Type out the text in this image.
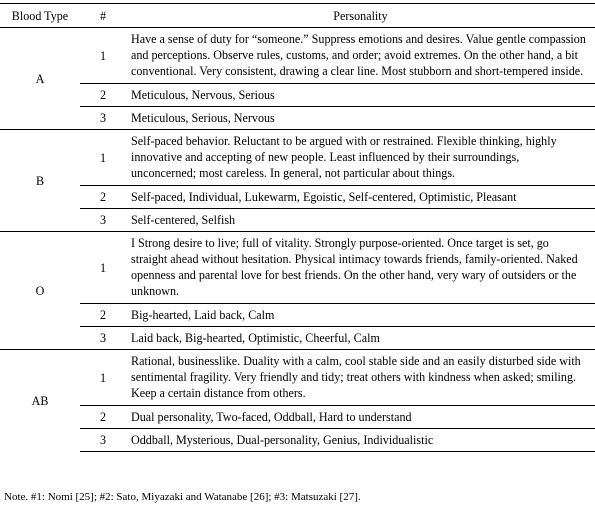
Blood Type	#	Personality
A	1	Have a sense of duty for “someone.” Suppress emotions and desires. Value gentle compassion and perceptions. Observe rules, customs, and order; avoid extremes. On the other hand, a bit conventional. Very consistent, drawing a clear line. Most stubborn and short-tempered inside.

	2	Meticulous, Nervous, Serious

	3	Meticulous, Serious, Nervous

B	1	Self-paced behavior. Reluctant to be argued with or restrained. Flexible thinking, highly innovative and accepting of new people. Least influenced by their surroundings, unconcerned; most careless. In general, not particular about things.

	2	Self-paced, Individual, Lukewarm, Egoistic, Self-centered, Optimistic, Pleasant

	3	Self-centered, Selfish

O	1	I Strong desire to live; full of vitality. Strongly purpose-oriented. Once target is set, go straight ahead without hesitation. Physical intimacy towards friends, family-oriented. Naked openness and parental love for best friends. On the other hand, very wary of outsiders or the unknown.

	2	Big-hearted, Laid back, Calm

	3	Laid back, Big-hearted, Optimistic, Cheerful, Calm

AB	1	Rational, businesslike. Duality with a calm, cool stable side and an easily disturbed side with sentimental fragility. Very friendly and tidy; treat others with kindness when asked; smiling. Keep a certain distance from others.

	2	Dual personality, Two-faced, Oddball, Hard to understand

	3	Oddball, Mysterious, Dual-personality, Genius, Individualistic
Note. #1: Nomi [25]; #2: Sato, Miyazaki and Watanabe [26]; #3: Matsuzaki [27].
